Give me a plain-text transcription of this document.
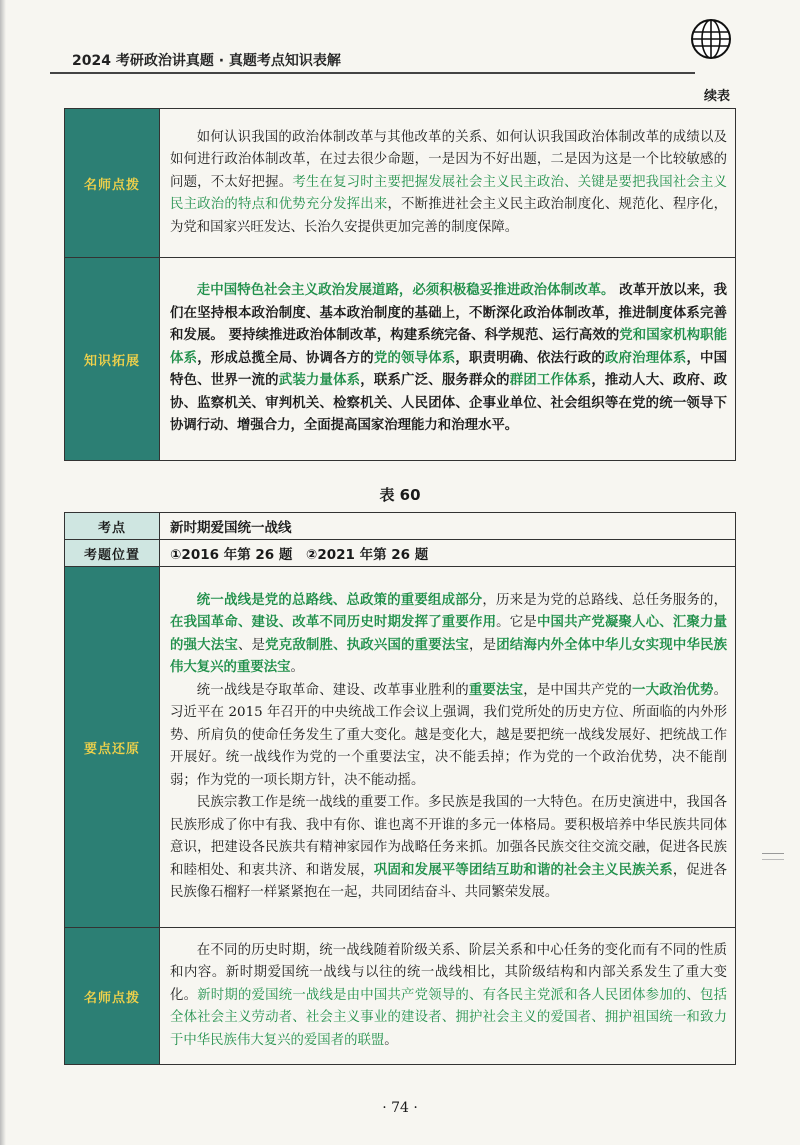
2024 考研政治讲真题 · 真题考点知识表解
续表
名师点拨	如何认识我国的政治体制改革与其他改革的关系、如何认识我国政治体制改革的成绩以及如何进行政治体制改革，在过去很少命题，一是因为不好出题，二是因为这是一个比较敏感的问题，不太好把握。考生在复习时主要把握发展社会主义民主政治、关键是要把我国社会主义民主政治的特点和优势充分发挥出来，不断推进社会主义民主政治制度化、规范化、程序化，为党和国家兴旺发达、长治久安提供更加完善的制度保障。

知识拓展	走中国特色社会主义政治发展道路，必须积极稳妥推进政治体制改革。 改革开放以来，我们在坚持根本政治制度、基本政治制度的基础上，不断深化政治体制改革，推进制度体系完善和发展。 要持续推进政治体制改革，构建系统完备、科学规范、运行高效的党和国家机构职能体系，形成总揽全局、协调各方的党的领导体系，职责明确、依法行政的政府治理体系，中国特色、世界一流的武装力量体系，联系广泛、服务群众的群团工作体系，推动人大、政府、政协、监察机关、审判机关、检察机关、人民团体、企事业单位、社会组织等在党的统一领导下协调行动、增强合力，全面提高国家治理能力和治理水平。

表 60
考点	新时期爱国统一战线
考题位置	①2016 年第 26 题　②2021 年第 26 题
要点还原	统一战线是党的总路线、总政策的重要组成部分，历来是为党的总路线、总任务服务的，在我国革命、建设、改革不同历史时期发挥了重要作用。它是中国共产党凝聚人心、汇聚力量的强大法宝、是党克敌制胜、执政兴国的重要法宝，是团结海内外全体中华儿女实现中华民族伟大复兴的重要法宝。

统一战线是夺取革命、建设、改革事业胜利的重要法宝，是中国共产党的一大政治优势。习近平在 2015 年召开的中央统战工作会议上强调，我们党所处的历史方位、所面临的内外形势、所肩负的使命任务发生了重大变化。越是变化大，越是要把统一战线发展好、把统战工作开展好。统一战线作为党的一个重要法宝，决不能丢掉；作为党的一个政治优势，决不能削弱；作为党的一项长期方针，决不能动摇。

民族宗教工作是统一战线的重要工作。多民族是我国的一大特色。在历史演进中，我国各民族形成了你中有我、我中有你、谁也离不开谁的多元一体格局。要积极培养中华民族共同体意识，把建设各民族共有精神家园作为战略任务来抓。加强各民族交往交流交融，促进各民族和睦相处、和衷共济、和谐发展，巩固和发展平等团结互助和谐的社会主义民族关系，促进各民族像石榴籽一样紧紧抱在一起，共同团结奋斗、共同繁荣发展。

名师点拨	在不同的历史时期，统一战线随着阶级关系、阶层关系和中心任务的变化而有不同的性质和内容。新时期爱国统一战线与以往的统一战线相比，其阶级结构和内部关系发生了重大变化。新时期的爱国统一战线是由中国共产党领导的、有各民主党派和各人民团体参加的、包括全体社会主义劳动者、社会主义事业的建设者、拥护社会主义的爱国者、拥护祖国统一和致力于中华民族伟大复兴的爱国者的联盟。

· 74 ·
